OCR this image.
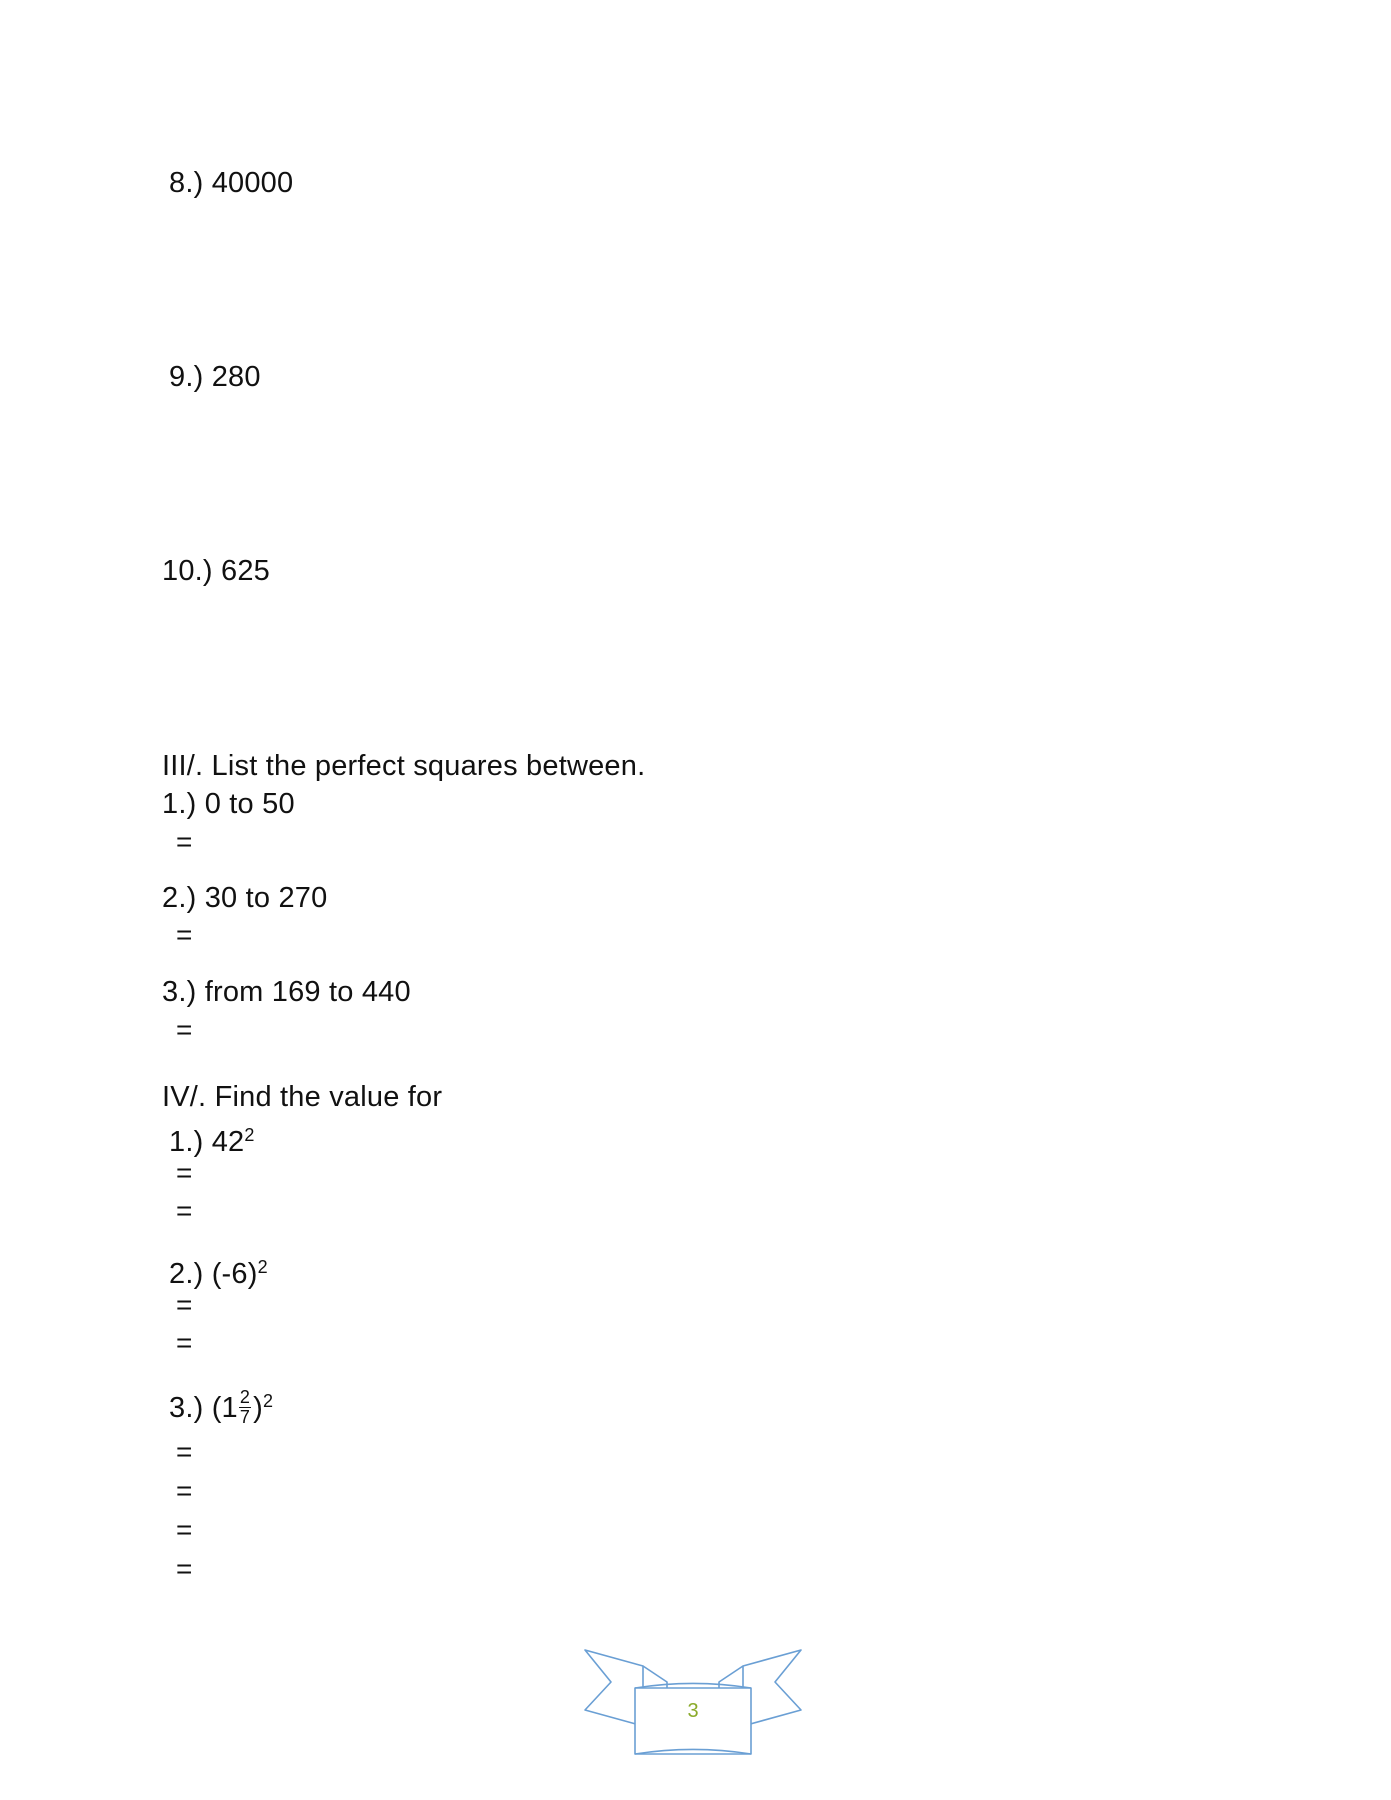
8.) 40000
9.) 280
10.) 625
III/. List the perfect squares between.
1.) 0 to 50
=
2.) 30 to 270
=
3.) from 169 to 440
=
IV/. Find the value for
1.) $42^2$
=
=
2.) $(-6)^2$
=
=
3.) $(1 \frac{2}{7} )^2$
=
=
=
=
3
